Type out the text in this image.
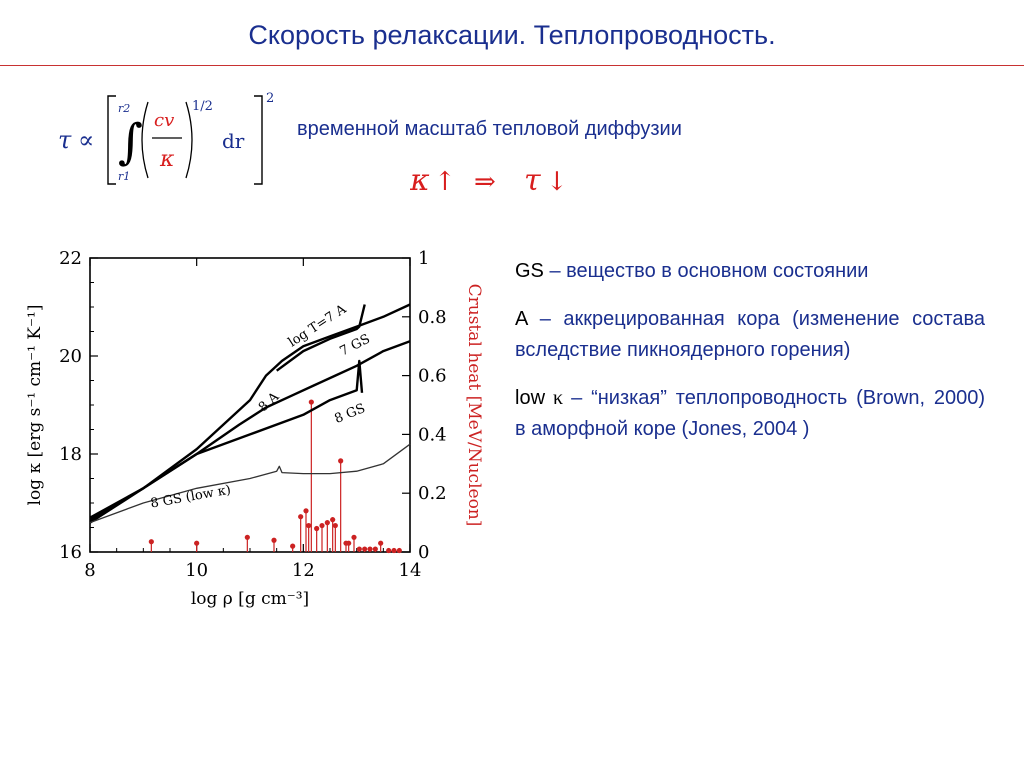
Скорость релаксации. Теплопроводность.
τ ∝
r2
∫
r1
cv
κ
1/2
dr
2
временной масштаб тепловой диффузии
κ ↑ ⇒ τ ↓
8	10	12	14
16
18
20
22
0
0.2
0.4
0.6
0.8
1
log T=7 A
7 GS
8 A	8 GS
8 GS (low κ)
log ρ [g cm⁻³]
log κ [erg s⁻¹ cm⁻¹ K⁻¹]	Crustal heat [MeV/Nucleon]

GS – вещество в основном состоянии

A – аккрецированная кора (изменение состава вследствие пикноядерного горения)

low κ – “низкая” теплопроводность (Brown, 2000) в аморфной коре (Jones, 2004 )
